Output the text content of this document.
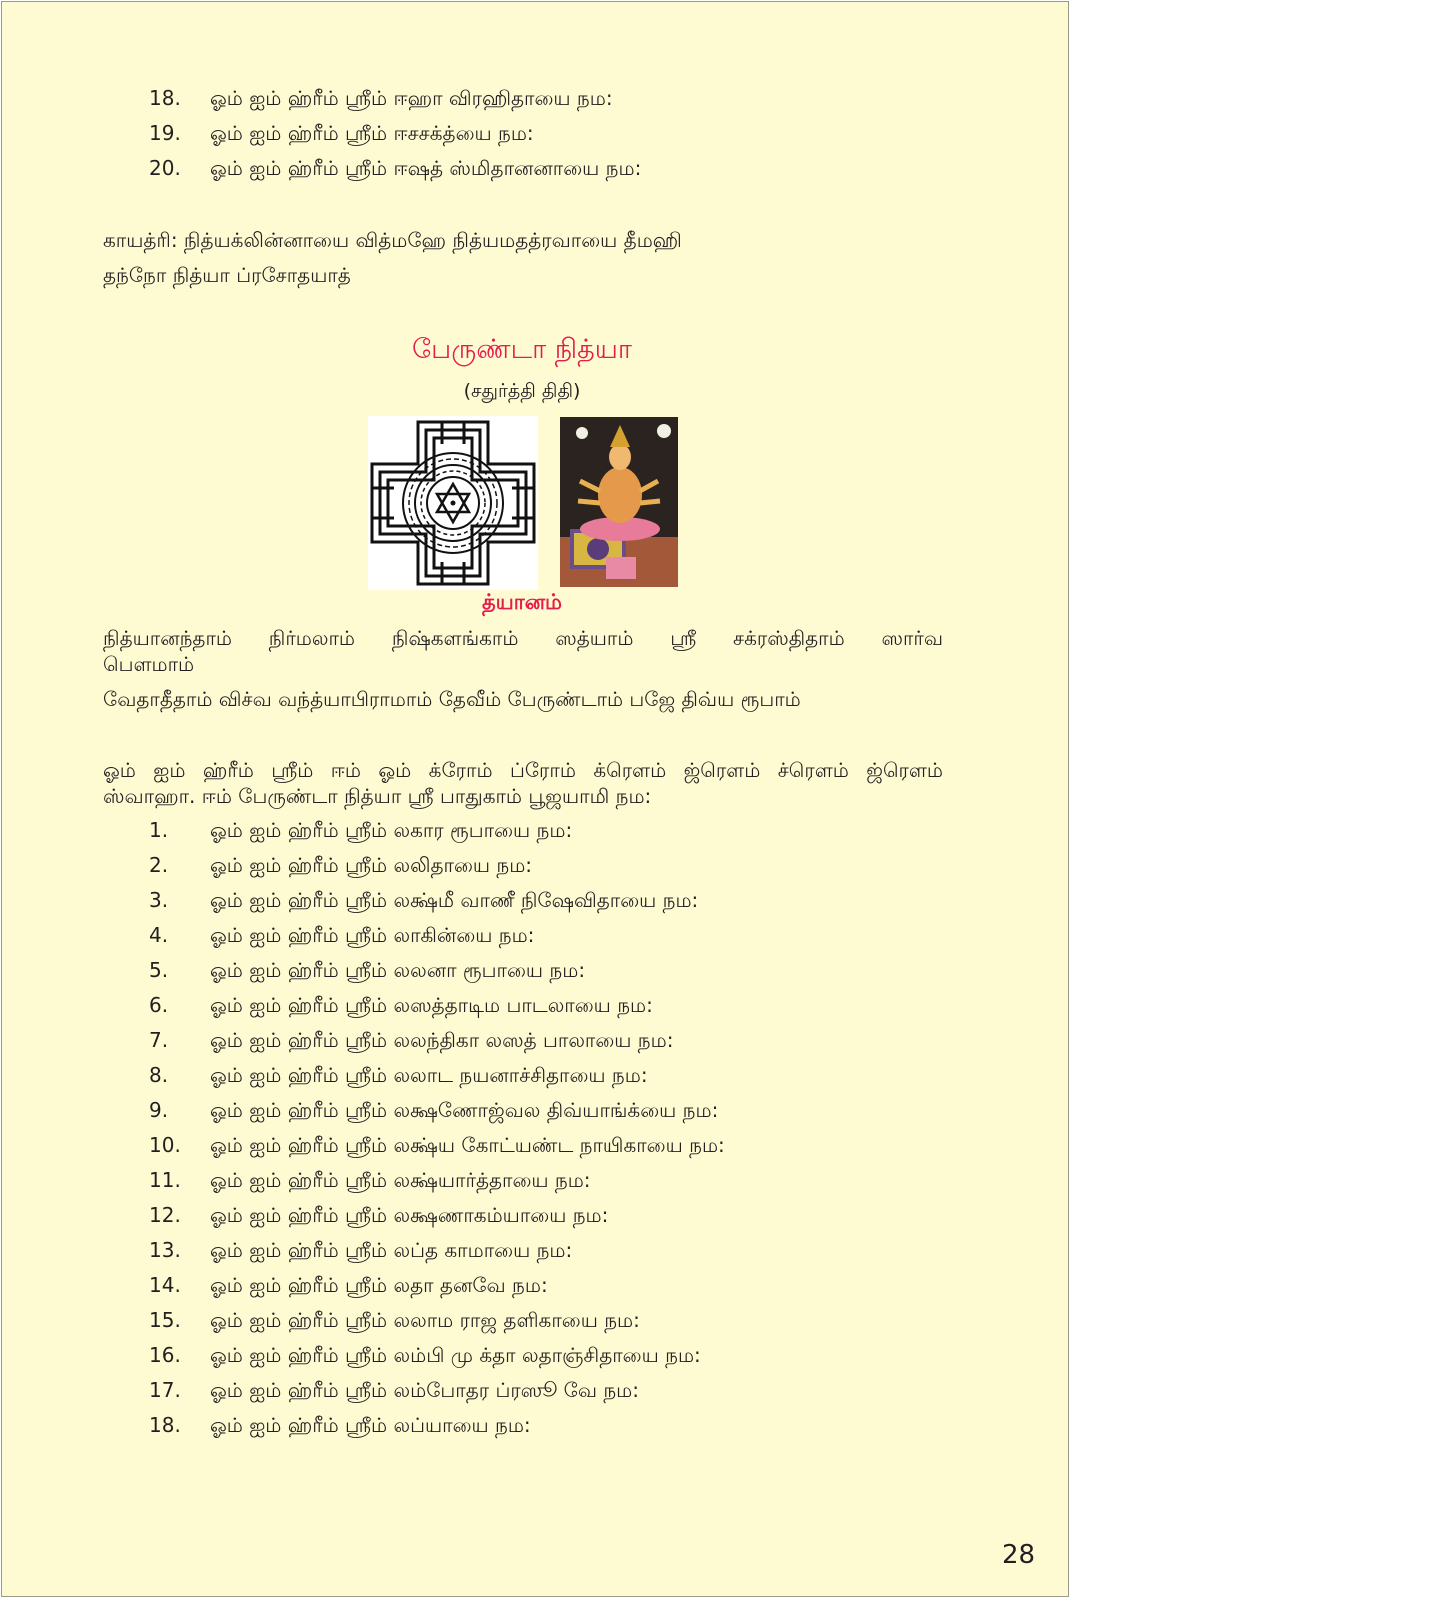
18.	ஓம் ஐம் ஹ்ரீம் ஸ்ரீம் ஈஹா விரஹிதாயை நம:
19.	ஓம் ஐம் ஹ்ரீம் ஸ்ரீம் ஈசசக்த்யை நம:
20.	ஓம் ஐம் ஹ்ரீம் ஸ்ரீம் ஈஷத் ஸ்மிதானனாயை நம:
காயத்ரி: நித்யக்லின்னாயை வித்மஹே நித்யமதத்ரவாயை தீமஹி
தந்நோ நித்யா ப்ரசோதயாத்
பேருண்டா நித்யா
(சதுர்த்தி திதி)
த்யானம்
நித்யானந்தாம் நிர்மலாம் நிஷ்களங்காம் ஸத்யாம் ஸ்ரீ சக்ரஸ்திதாம் ஸார்வ
பௌமாம்
வேதாதீதாம் விச்வ வந்த்யாபிராமாம் தேவீம் பேருண்டாம் பஜே திவ்ய ரூபாம்
ஓம் ஐம் ஹ்ரீம் ஸ்ரீம் ஈம் ஓம் க்ரோம் ப்ரோம் க்ரௌம் ஜ்ரௌம் ச்ரௌம் ஜ்ரௌம்
ஸ்வாஹா. ஈம் பேருண்டா நித்யா ஸ்ரீ பாதுகாம் பூஜயாமி நம:
1.	ஓம் ஐம் ஹ்ரீம் ஸ்ரீம் லகார ரூபாயை நம:
2.	ஓம் ஐம் ஹ்ரீம் ஸ்ரீம் லலிதாயை நம:
3.	ஓம் ஐம் ஹ்ரீம் ஸ்ரீம் லக்ஷ்மீ வாணீ நிஷேவிதாயை நம:
4.	ஓம் ஐம் ஹ்ரீம் ஸ்ரீம் லாகின்யை நம:
5.	ஓம் ஐம் ஹ்ரீம் ஸ்ரீம் லலனா ரூபாயை நம:
6.	ஓம் ஐம் ஹ்ரீம் ஸ்ரீம் லஸத்தாடிம பாடலாயை நம:
7.	ஓம் ஐம் ஹ்ரீம் ஸ்ரீம் லலந்திகா லஸத் பாலாயை நம:
8.	ஓம் ஐம் ஹ்ரீம் ஸ்ரீம் லலாட நயனாச்சிதாயை நம:
9.	ஓம் ஐம் ஹ்ரீம் ஸ்ரீம் லக்ஷணோஜ்வல திவ்யாங்க்யை நம:
10.	ஓம் ஐம் ஹ்ரீம் ஸ்ரீம் லக்ஷ்ய கோட்யண்ட நாயிகாயை நம:
11.	ஓம் ஐம் ஹ்ரீம் ஸ்ரீம் லக்ஷ்யார்த்தாயை நம:
12.	ஓம் ஐம் ஹ்ரீம் ஸ்ரீம் லக்ஷணாகம்யாயை நம:
13.	ஓம் ஐம் ஹ்ரீம் ஸ்ரீம் லப்த காமாயை நம:
14.	ஓம் ஐம் ஹ்ரீம் ஸ்ரீம் லதா தனவே நம:
15.	ஓம் ஐம் ஹ்ரீம் ஸ்ரீம் லலாம ராஜ தளிகாயை நம:
16.	ஓம் ஐம் ஹ்ரீம் ஸ்ரீம் லம்பி மு க்தா லதாஞ்சிதாயை நம:
17.	ஓம் ஐம் ஹ்ரீம் ஸ்ரீம் லம்போதர ப்ரஸூ வே நம:
18.	ஓம் ஐம் ஹ்ரீம் ஸ்ரீம் லப்யாயை நம:
28
